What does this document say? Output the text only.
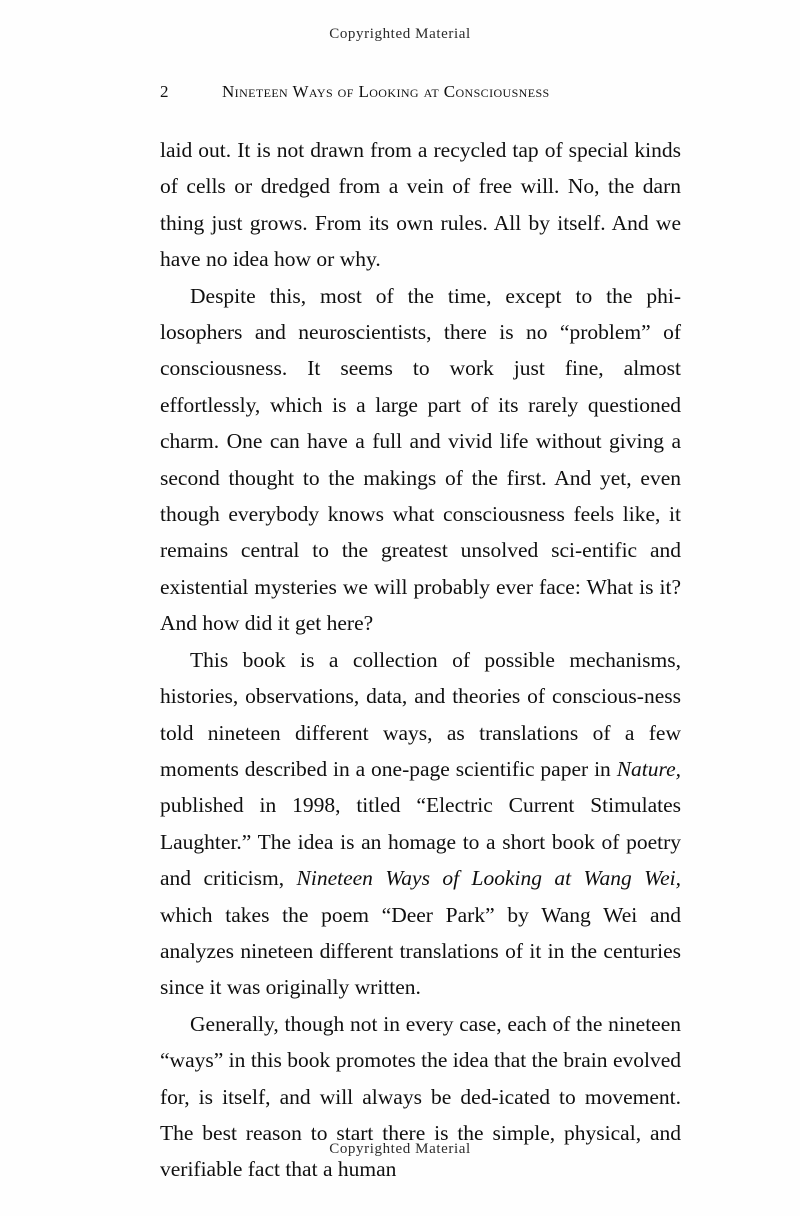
Copyrighted Material
2	Nineteen Ways of Looking at Consciousness

laid out. It is not drawn from a recycled tap of special kinds of cells or dredged from a vein of free will. No, the darn thing just grows. From its own rules. All by itself. And we have no idea how or why.

Despite this, most of the time, except to the phi-losophers and neuroscientists, there is no “problem” of consciousness. It seems to work just fine, almost effortlessly, which is a large part of its rarely questioned charm. One can have a full and vivid life without giving a second thought to the makings of the first. And yet, even though everybody knows what consciousness feels like, it remains central to the greatest unsolved sci-entific and existential mysteries we will probably ever face: What is it? And how did it get here?

This book is a collection of possible mechanisms, histories, observations, data, and theories of conscious-ness told nineteen different ways, as translations of a few moments described in a one-page scientific paper in Nature, published in 1998, titled “Electric Current Stimulates Laughter.” The idea is an homage to a short book of poetry and criticism, Nineteen Ways of Looking at Wang Wei, which takes the poem “Deer Park” by Wang Wei and analyzes nineteen different translations of it in the centuries since it was originally written.

Generally, though not in every case, each of the nineteen “ways” in this book promotes the idea that the brain evolved for, is itself, and will always be ded-icated to movement. The best reason to start there is the simple, physical, and verifiable fact that a human

Copyrighted Material
